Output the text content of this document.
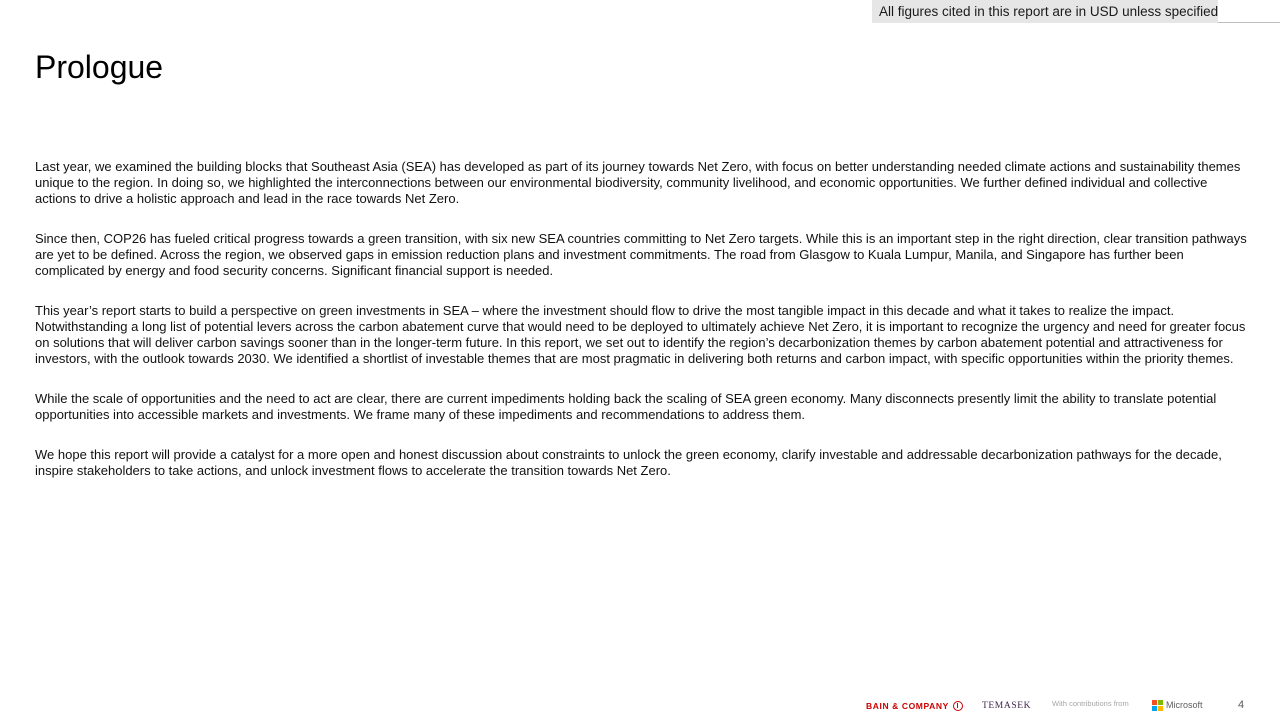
All figures cited in this report are in USD unless specified
Prologue

Last year, we examined the building blocks that Southeast Asia (SEA) has developed as part of its journey towards Net Zero, with focus on better understanding needed climate actions and sustainability themes unique to the region. In doing so, we highlighted the interconnections between our environmental biodiversity, community livelihood, and economic opportunities. We further defined individual and collective actions to drive a holistic approach and lead in the race towards Net Zero.

Since then, COP26 has fueled critical progress towards a green transition, with six new SEA countries committing to Net Zero targets. While this is an important step in the right direction, clear transition pathways are yet to be defined. Across the region, we observed gaps in emission reduction plans and investment commitments. The road from Glasgow to Kuala Lumpur, Manila, and Singapore has further been complicated by energy and food security concerns. Significant financial support is needed.

This year’s report starts to build a perspective on green investments in SEA – where the investment should flow to drive the most tangible impact in this decade and what it takes to realize the impact. Notwithstanding a long list of potential levers across the carbon abatement curve that would need to be deployed to ultimately achieve Net Zero, it is important to recognize the urgency and need for greater focus on solutions that will deliver carbon savings sooner than in the longer-term future. In this report, we set out to identify the region’s decarbonization themes by carbon abatement potential and attractiveness for investors, with the outlook towards 2030. We identified a shortlist of investable themes that are most pragmatic in delivering both returns and carbon impact, with specific opportunities within the priority themes.

While the scale of opportunities and the need to act are clear, there are current impediments holding back the scaling of SEA green economy. Many disconnects presently limit the ability to translate potential opportunities into accessible markets and investments. We frame many of these impediments and recommendations to address them.

We hope this report will provide a catalyst for a more open and honest discussion about constraints to unlock the green economy, clarify investable and addressable decarbonization pathways for the decade, inspire stakeholders to take actions, and unlock investment flows to accelerate the transition towards Net Zero.

BAIN & COMPANY	TEMASEK	With contributions from	Microsoft	4
